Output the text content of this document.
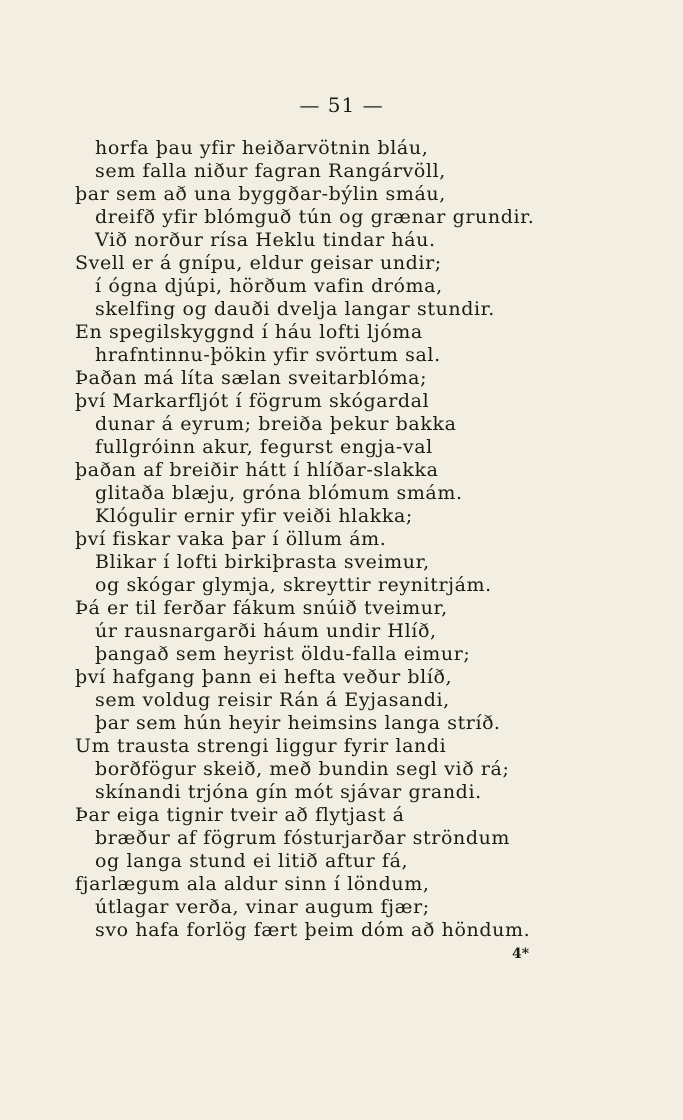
— 51 —
horfa þau yfir heiðarvötnin bláu,
sem falla niður fagran Rangárvöll,
þar sem að una byggðar-býlin smáu,
dreifð yfir blómguð tún og grænar grundir.
Við norður rísa Heklu tindar háu.
Svell er á gnípu, eldur geisar undir;
í ógna djúpi, hörðum vafin dróma,
skelfing og dauði dvelja langar stundir.
En spegilskyggnd í háu lofti ljóma
hrafntinnu-þökin yfir svörtum sal.
Þaðan má líta sælan sveitarblóma;
því Markarfljót í fögrum skógardal
dunar á eyrum; breiða þekur bakka
fullgróinn akur, fegurst engja-val
þaðan af breiðir hátt í hlíðar-slakka
glitaða blæju, gróna blómum smám.
Klógulir ernir yfir veiði hlakka;
því fiskar vaka þar í öllum ám.
Blikar í lofti birkiþrasta sveimur,
og skógar glymja, skreyttir reynitrjám.
Þá er til ferðar fákum snúið tveimur,
úr rausnargarði háum undir Hlíð,
þangað sem heyrist öldu-falla eimur;
því hafgang þann ei hefta veður blíð,
sem voldug reisir Rán á Eyjasandi,
þar sem hún heyir heimsins langa stríð.
Um trausta strengi liggur fyrir landi
borðfögur skeið, með bundin segl við rá;
skínandi trjóna gín mót sjávar grandi.
Þar eiga tignir tveir að flytjast á
bræður af fögrum fósturjarðar ströndum
og langa stund ei litið aftur fá,
fjarlægum ala aldur sinn í löndum,
útlagar verða, vinar augum fjær;
svo hafa forlög fært þeim dóm að höndum.
4*
